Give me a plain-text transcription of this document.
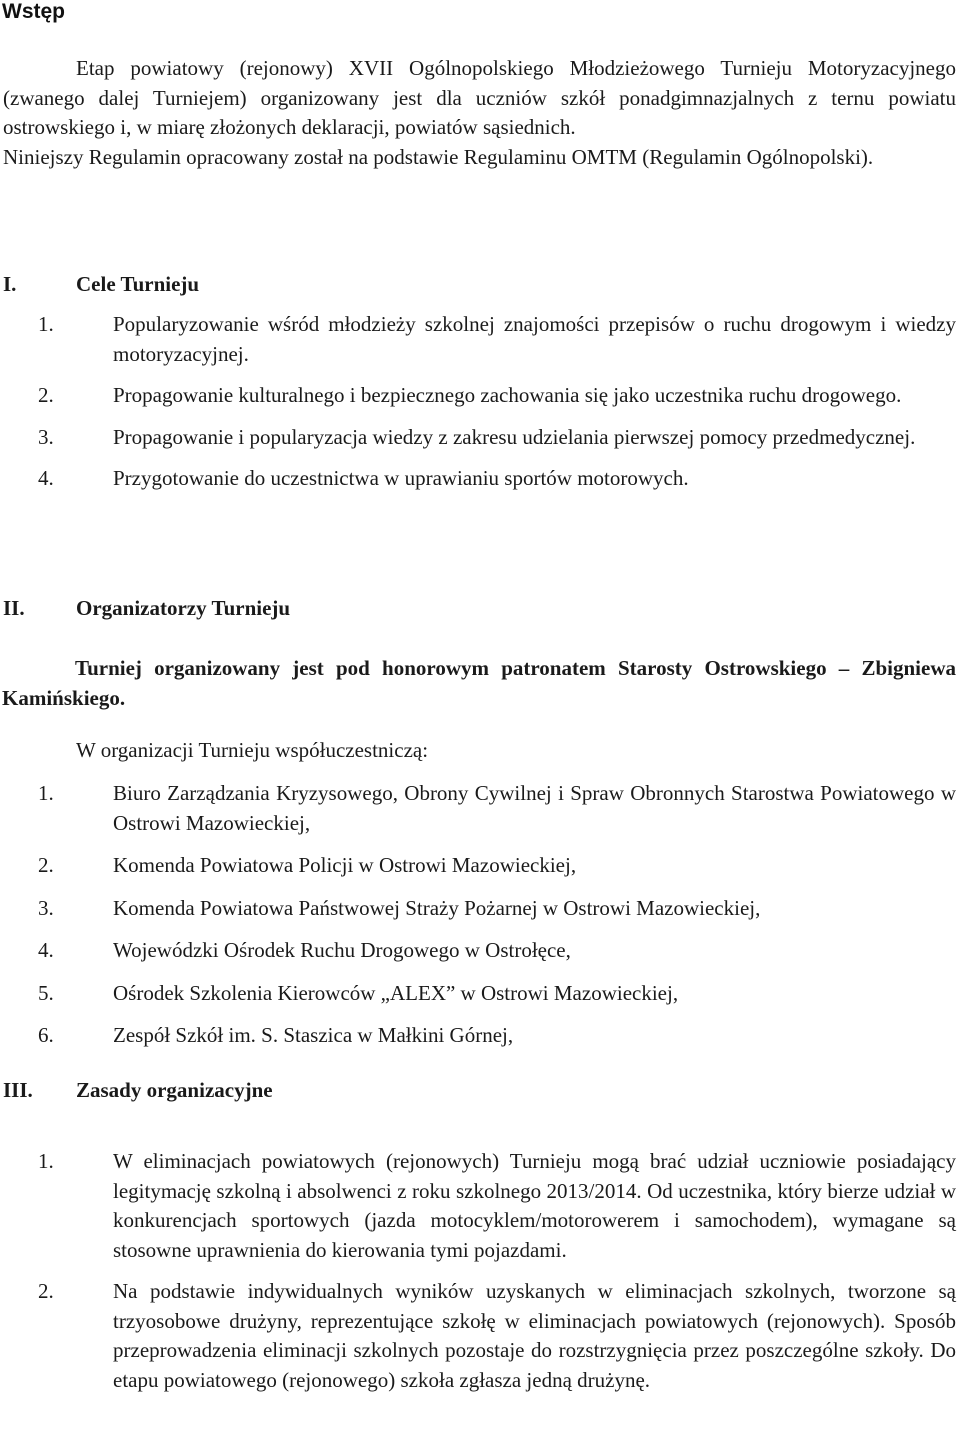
Wstęp

Etap powiatowy (rejonowy) XVII Ogólnopolskiego Młodzieżowego Turnieju Motoryzacyjnego (zwanego dalej Turniejem) organizowany jest dla uczniów szkół ponadgimnazjalnych z ternu powiatu ostrowskiego i, w miarę złożonych deklaracji, powiatów sąsiednich.

Niniejszy Regulamin opracowany został na podstawie Regulaminu OMTM (Regulamin Ogólnopolski).

I.	Cele Turnieju
1.	Popularyzowanie wśród młodzieży szkolnej znajomości przepisów o ruchu drogowym i wiedzy motoryzacyjnej.
2.	Propagowanie kulturalnego i bezpiecznego zachowania się jako uczestnika ruchu drogowego.
3.	Propagowanie i popularyzacja wiedzy z zakresu udzielania pierwszej pomocy przedmedycznej.
4.	Przygotowanie do uczestnictwa w uprawianiu sportów motorowych.
II. Organizatorzy Turnieju
Turniej organizowany jest pod honorowym patronatem Starosty Ostrowskiego – Zbigniewa Kamińskiego.
W organizacji Turnieju współuczestniczą:
1.	Biuro Zarządzania Kryzysowego, Obrony Cywilnej i Spraw Obronnych Starostwa Powiatowego w Ostrowi Mazowieckiej,
2.	Komenda Powiatowa Policji w Ostrowi Mazowieckiej,
3.	Komenda Powiatowa Państwowej Straży Pożarnej w Ostrowi Mazowieckiej,
4.	Wojewódzki Ośrodek Ruchu Drogowego w Ostrołęce,
5.	Ośrodek Szkolenia Kierowców „ALEX” w Ostrowi Mazowieckiej,
6.	Zespół Szkół im. S. Staszica w Małkini Górnej,
III. Zasady organizacyjne
1.	W eliminacjach powiatowych (rejonowych) Turnieju mogą brać udział uczniowie posiadający legitymację szkolną i absolwenci z roku szkolnego 2013/2014. Od uczestnika, który bierze udział w konkurencjach sportowych (jazda motocyklem/motorowerem i samochodem), wymagane są stosowne uprawnienia do kierowania tymi pojazdami.
2.	Na podstawie indywidualnych wyników uzyskanych w eliminacjach szkolnych, tworzone są trzyosobowe drużyny, reprezentujące szkołę w eliminacjach powiatowych (rejonowych). Sposób przeprowadzenia eliminacji szkolnych pozostaje do rozstrzygnięcia przez poszczególne szkoły. Do etapu powiatowego (rejonowego) szkoła zgłasza jedną drużynę.
